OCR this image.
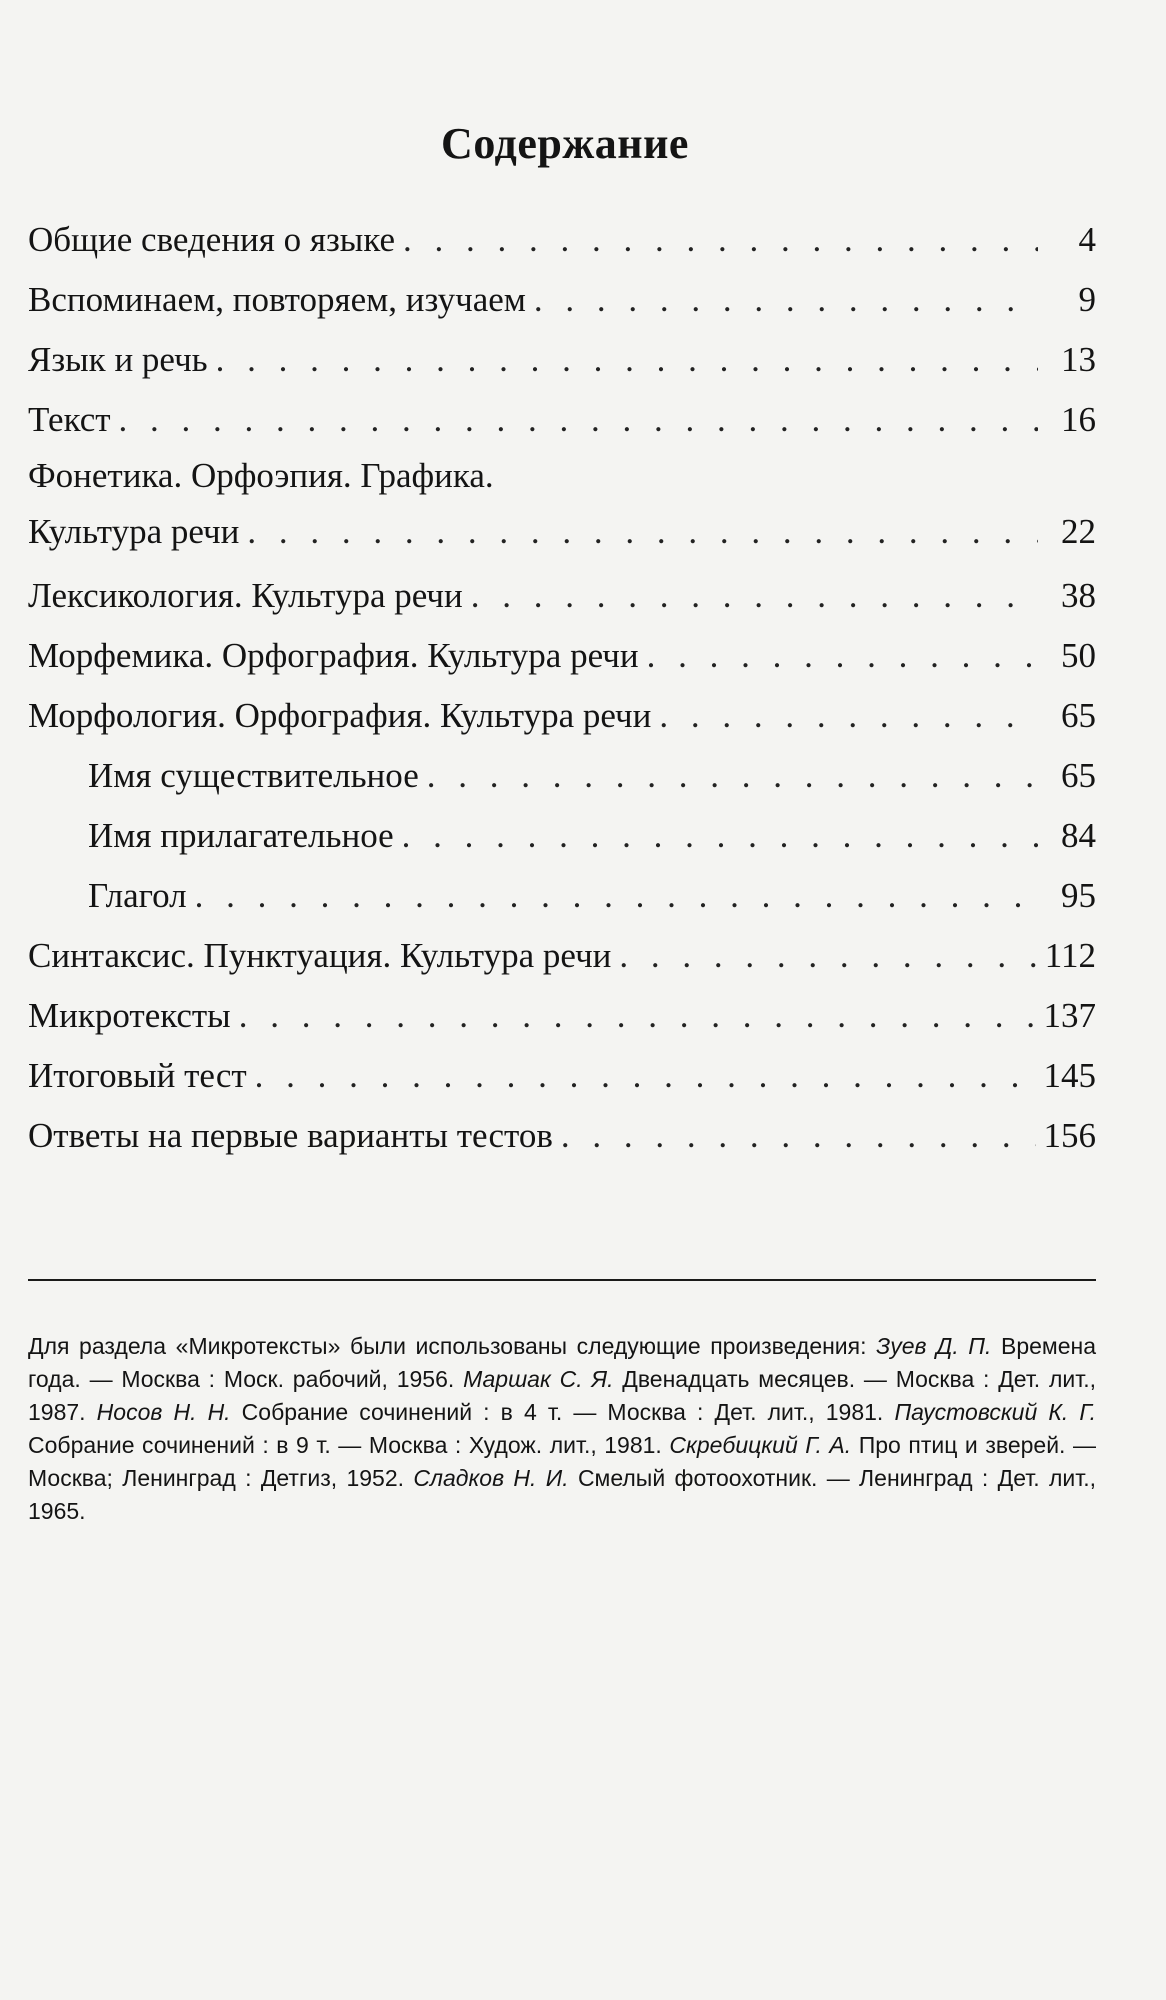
Содержание
Общие сведения о языке . . .	4
Вспоминаем, повторяем, изучаем . . .	9
Язык и речь . . .	13
Текст . . .	16
Фонетика. Орфоэпия. Графика.
Культура речи . . .	22
Лексикология. Культура речи . . .	38
Морфемика. Орфография. Культура речи . . .	50
Морфология. Орфография. Культура речи . . .	65
Имя существительное . . .	65
Имя прилагательное . . .	84
Глагол . . .	95
Синтаксис. Пунктуация. Культура речи . . .	112
Микротексты . . .	137
Итоговый тест . . .	145
Ответы на первые варианты тестов . . .	156
Для раздела «Микротексты» были использованы следующие произведения: Зуев Д. П. Времена года. — Москва : Моск. рабочий, 1956. Маршак С. Я. Двенадцать месяцев. — Москва : Дет. лит., 1987. Носов Н. Н. Собрание сочинений : в 4 т. — Москва : Дет. лит., 1981. Паустовский К. Г. Собрание сочинений : в 9 т. — Москва : Худож. лит., 1981. Скребицкий Г. А. Про птиц и зверей. — Москва; Ленинград : Детгиз, 1952. Сладков Н. И. Смелый фотоохотник. — Ленинград : Дет. лит., 1965.
